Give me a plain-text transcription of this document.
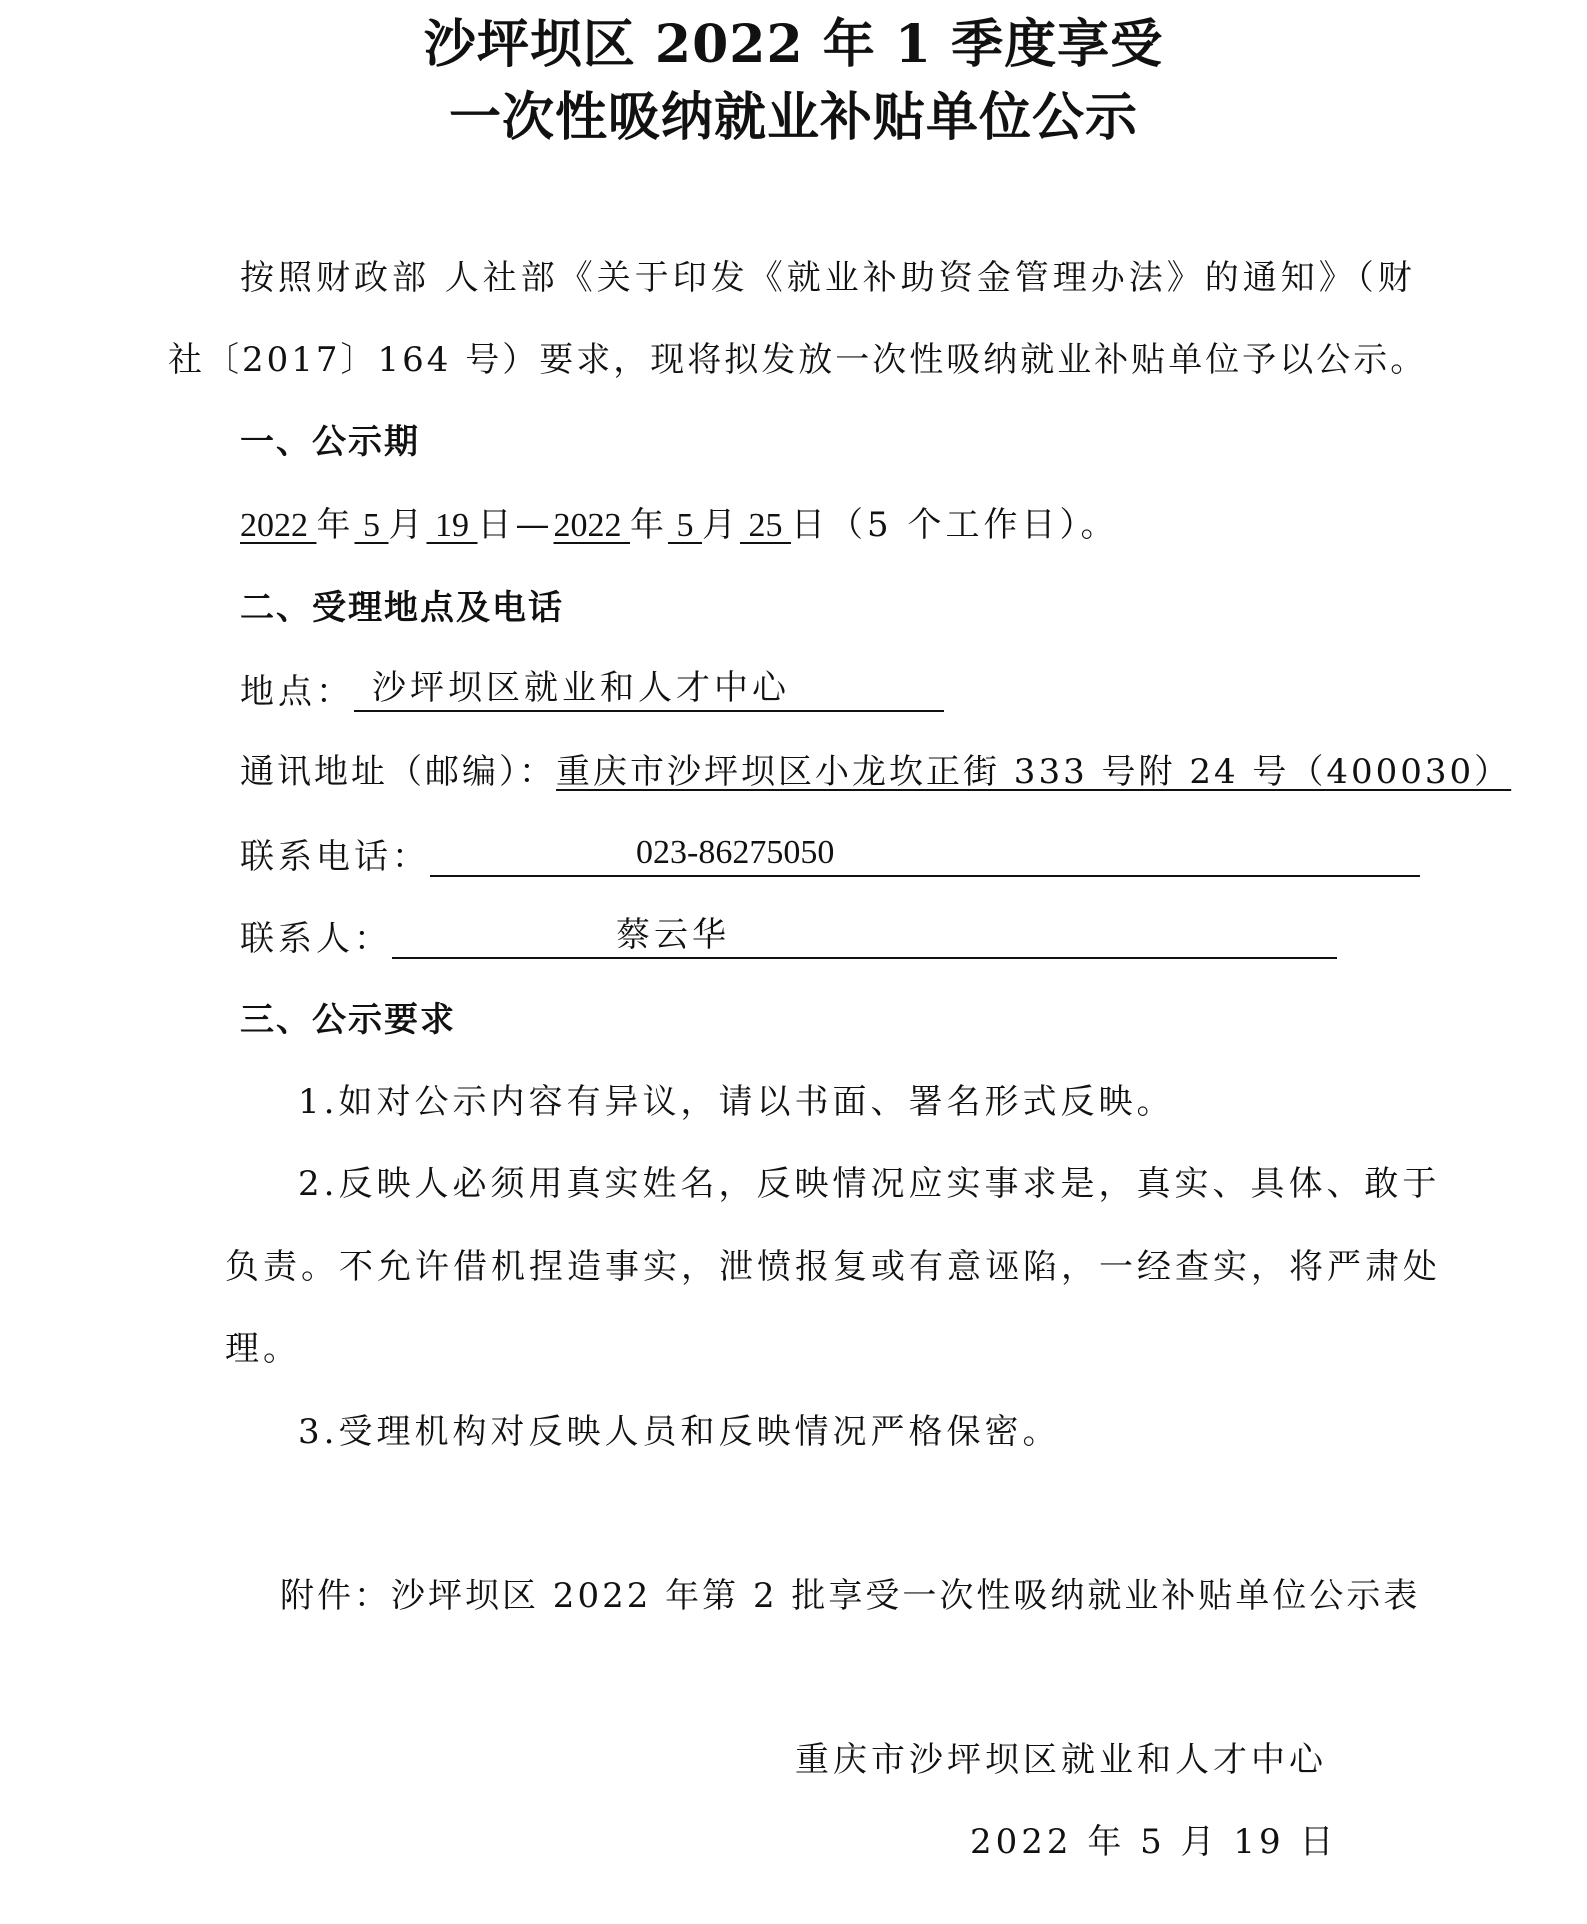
沙坪坝区 2022 年 1 季度享受
一次性吸纳就业补贴单位公示
按照财政部 人社部《关于印发《就业补助资金管理办法》的通知》（财
社〔2017〕164 号）要求，现将拟发放一次性吸纳就业补贴单位予以公示。
一、公示期
2022 年 5 月 19 日—2022 年 5 月 25 日（5 个工作日）。
二、受理地点及电话
地点： 沙坪坝区就业和人才中心
通讯地址（邮编）：重庆市沙坪坝区小龙坎正街 333 号附 24 号（400030）
联系电话：	023-86275050
联系人：	蔡云华
三、公示要求
1.如对公示内容有异议，请以书面、署名形式反映。
2.反映人必须用真实姓名，反映情况应实事求是，真实、具体、敢于
负责。不允许借机捏造事实，泄愤报复或有意诬陷，一经查实，将严肃处
理。
3.受理机构对反映人员和反映情况严格保密。
附件：沙坪坝区 2022 年第 2 批享受一次性吸纳就业补贴单位公示表
重庆市沙坪坝区就业和人才中心
2022 年 5 月 19 日
